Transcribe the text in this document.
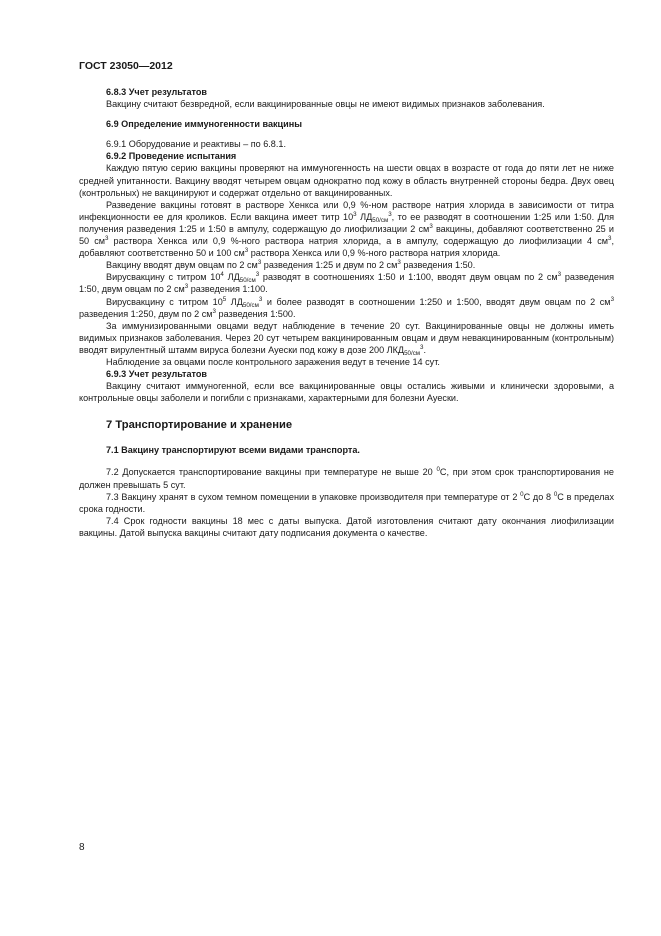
ГОСТ 23050—2012

6.8.3 Учет результатов

Вакцину считают безвредной, если вакцинированные овцы не имеют видимых признаков заболевания.

6.9 Определение иммуногенности вакцины

6.9.1 Оборудование и реактивы – по 6.8.1.

6.9.2 Проведение испытания

Каждую пятую серию вакцины проверяют на иммуногенность на шести овцах в возрасте от года до пяти лет не ниже средней упитанности. Вакцину вводят четырем овцам однократно под кожу в область внутренней стороны бедра. Двух овец (контрольных) не вакцинируют и содержат отдельно от вакцинированных.

Разведение вакцины готовят в растворе Хенкса или 0,9 %-ном растворе натрия хлорида в зависимости от титра инфекционности ее для кроликов. Если вакцина имеет титр $10^3$ $ЛД_{50/см}^3$, то ее разводят в соотношении 1:25 или 1:50. Для получения разведения 1:25 и 1:50 в ампулу, содержащую до лиофилизации 2 $см^3$ вакцины, добавляют соответственно 25 и 50 $см^3$ раствора Хенкса или 0,9 %-ного раствора натрия хлорида, а в ампулу, содержащую до лиофилизации 4 $см^3$, добавляют соответственно 50 и 100 $см^3$ раствора Хенкса или 0,9 %-ного раствора натрия хлорида.

Вакцину вводят двум овцам по 2 $см^3$ разведения 1:25 и двум по 2 $см^3$ разведения 1:50.

Вирусвакцину с титром $10^4$ $ЛД_{50/см}^3$ разводят в соотношениях 1:50 и 1:100, вводят двум овцам по 2 $см^3$ разведения 1:50, двум овцам по 2 $см^3$ разведения 1:100.

Вирусвакцину с титром $10^5$ $ЛД_{50/см}^3$ и более разводят в соотношении 1:250 и 1:500, вводят двум овцам по 2 $см^3$ разведения 1:250, двум по 2 $см^3$ разведения 1:500.

За иммунизированными овцами ведут наблюдение в течение 20 сут. Вакцинированные овцы не должны иметь видимых признаков заболевания. Через 20 сут четырем вакцинированным овцам и двум невакцинированным (контрольным) вводят вирулентный штамм вируса болезни Ауески под кожу в дозе 200 $ЛКД_{50/см}^3$.

Наблюдение за овцами после контрольного заражения ведут в течение 14 сут.

6.9.3 Учет результатов

Вакцину считают иммуногенной, если все вакцинированные овцы остались живыми и клинически здоровыми, а контрольные овцы заболели и погибли с признаками, характерными для болезни Ауески.

7 Транспортирование и хранение

7.1 Вакцину транспортируют всеми видами транспорта.

7.2 Допускается транспортирование вакцины при температуре не выше 20 $^0$С, при этом срок транспортирования не должен превышать 5 сут.

7.3 Вакцину хранят в сухом темном помещении в упаковке производителя при температуре от 2 $^0$С до 8 $^0$С в пределах срока годности.

7.4 Срок годности вакцины 18 мес с даты выпуска. Датой изготовления считают дату окончания лиофилизации вакцины. Датой выпуска вакцины считают дату подписания документа о качестве.

8
